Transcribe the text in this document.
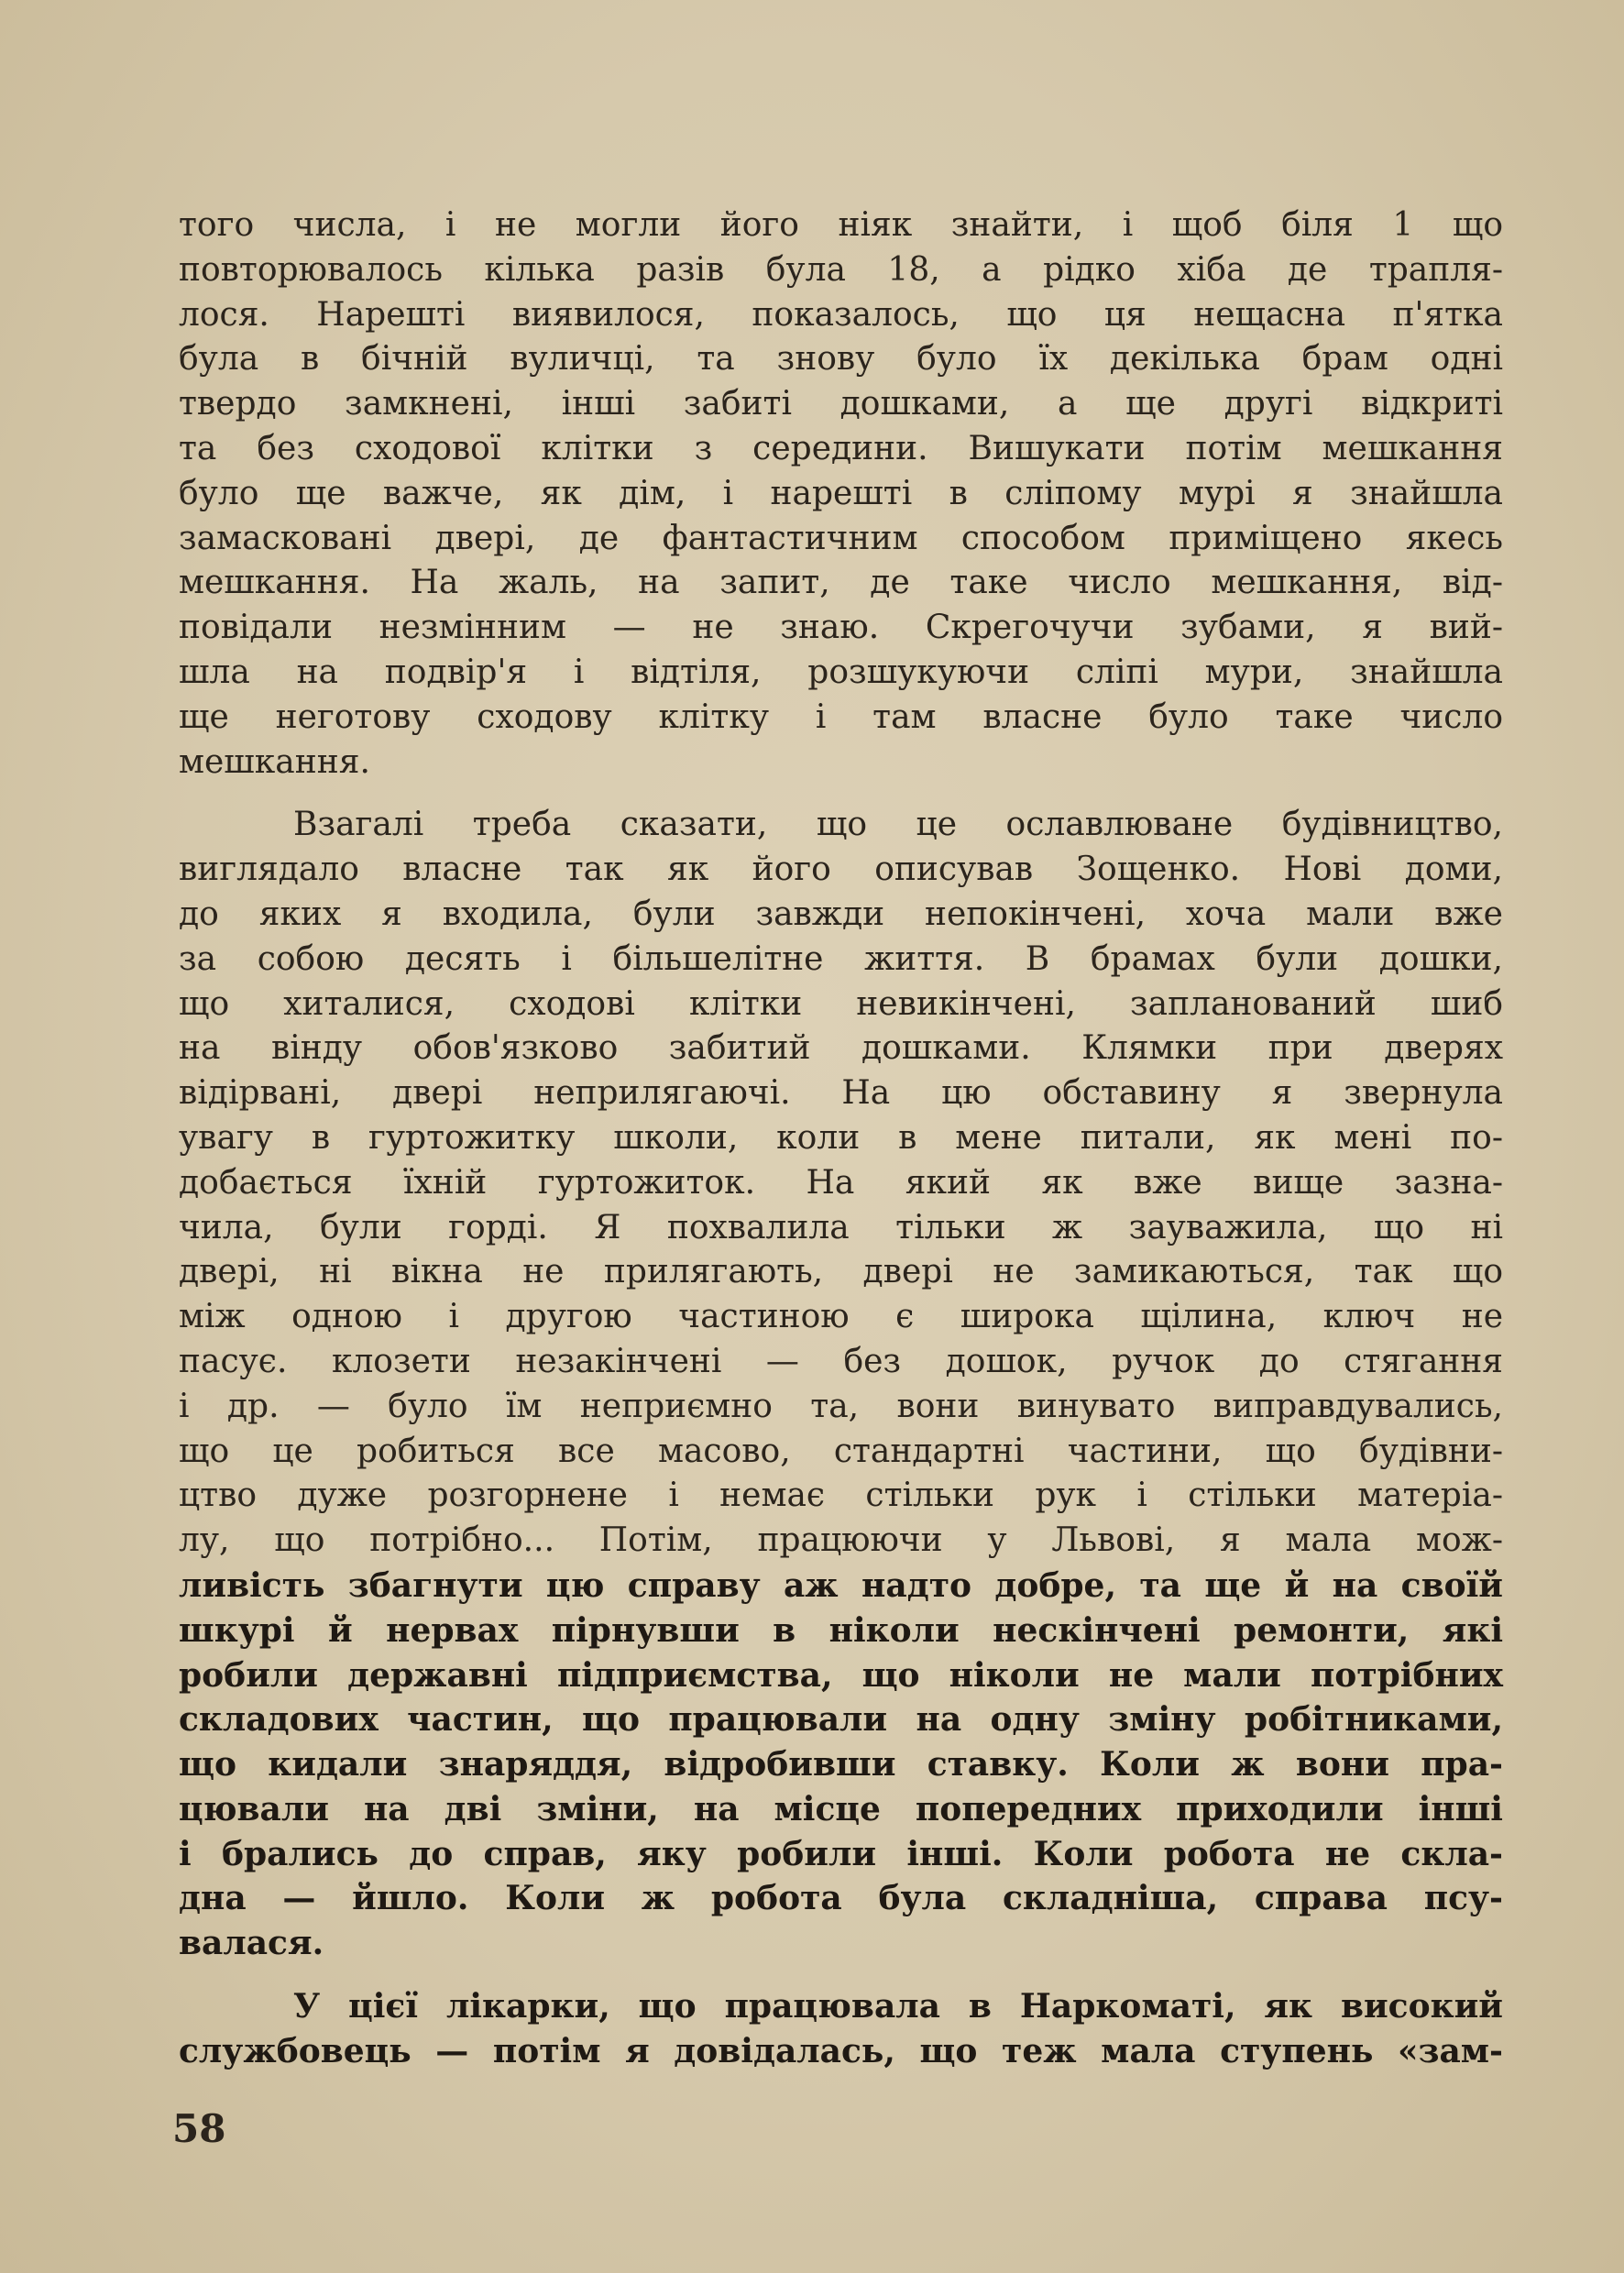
того числа, і не могли його ніяк знайти, і щоб біля 1 що
повторювалось кілька разів була 18, а рідко хіба де трапля-
лося. Нарешті виявилося, показалось, що ця нещасна п'ятка
була в бічній вуличці, та знову було їх декілька брам одні
твердо замкнені, інші забиті дошками, а ще другі відкриті
та без сходової клітки з середини. Вишукати потім мешкання
було ще важче, як дім, і нарешті в сліпому мурі я знайшла
замасковані двері, де фантастичним способом приміщено якесь
мешкання. На жаль, на запит, де таке число мешкання, від-
повідали незмінним — не знаю. Скрегочучи зубами, я вий-
шла на подвір'я і відтіля, розшукуючи сліпі мури, знайшла
ще неготову сходову клітку і там власне було таке число
мешкання.
Взагалі треба сказати, що це ославлюване будівництво,
виглядало власне так як його описував Зощенко. Нові доми,
до яких я входила, були завжди непокінчені, хоча мали вже
за собою десять і більшелітне життя. В брамах були дошки,
що хиталися, сходові клітки невикінчені, запланований шиб
на вінду обов'язково забитий дошками. Клямки при дверях
відірвані, двері неприлягаючі. На цю обставину я звернула
увагу в гуртожитку школи, коли в мене питали, як мені по-
добається їхній гуртожиток. На який як вже вище зазна-
чила, були горді. Я похвалила тільки ж зауважила, що ні
двері, ні вікна не прилягають, двері не замикаються, так що
між одною і другою частиною є широка щілина, ключ не
пасує. клозети незакінчені — без дошок, ручок до стягання
і др. — було їм неприємно та, вони винувато виправдувались,
що це робиться все масово, стандартні частини, що будівни-
цтво дуже розгорнене і немає стільки рук і стільки матеріа-
лу, що потрібно... Потім, працюючи у Львові, я мала мож-
ливість збагнути цю справу аж надто добре, та ще й на своїй
шкурі й нервах пірнувши в ніколи нескінчені ремонти, які
робили державні підприємства, що ніколи не мали потрібних
складових частин, що працювали на одну зміну робітниками,
що кидали знаряддя, відробивши ставку. Коли ж вони пра-
цювали на дві зміни, на місце попередних приходили інші
і брались до справ, яку робили інші. Коли робота не скла-
дна — йшло. Коли ж робота була складніша, справа псу-
валася.
У цієї лікарки, що працювала в Наркоматі, як високий
службовець — потім я довідалась, що теж мала ступень «зам-
58
